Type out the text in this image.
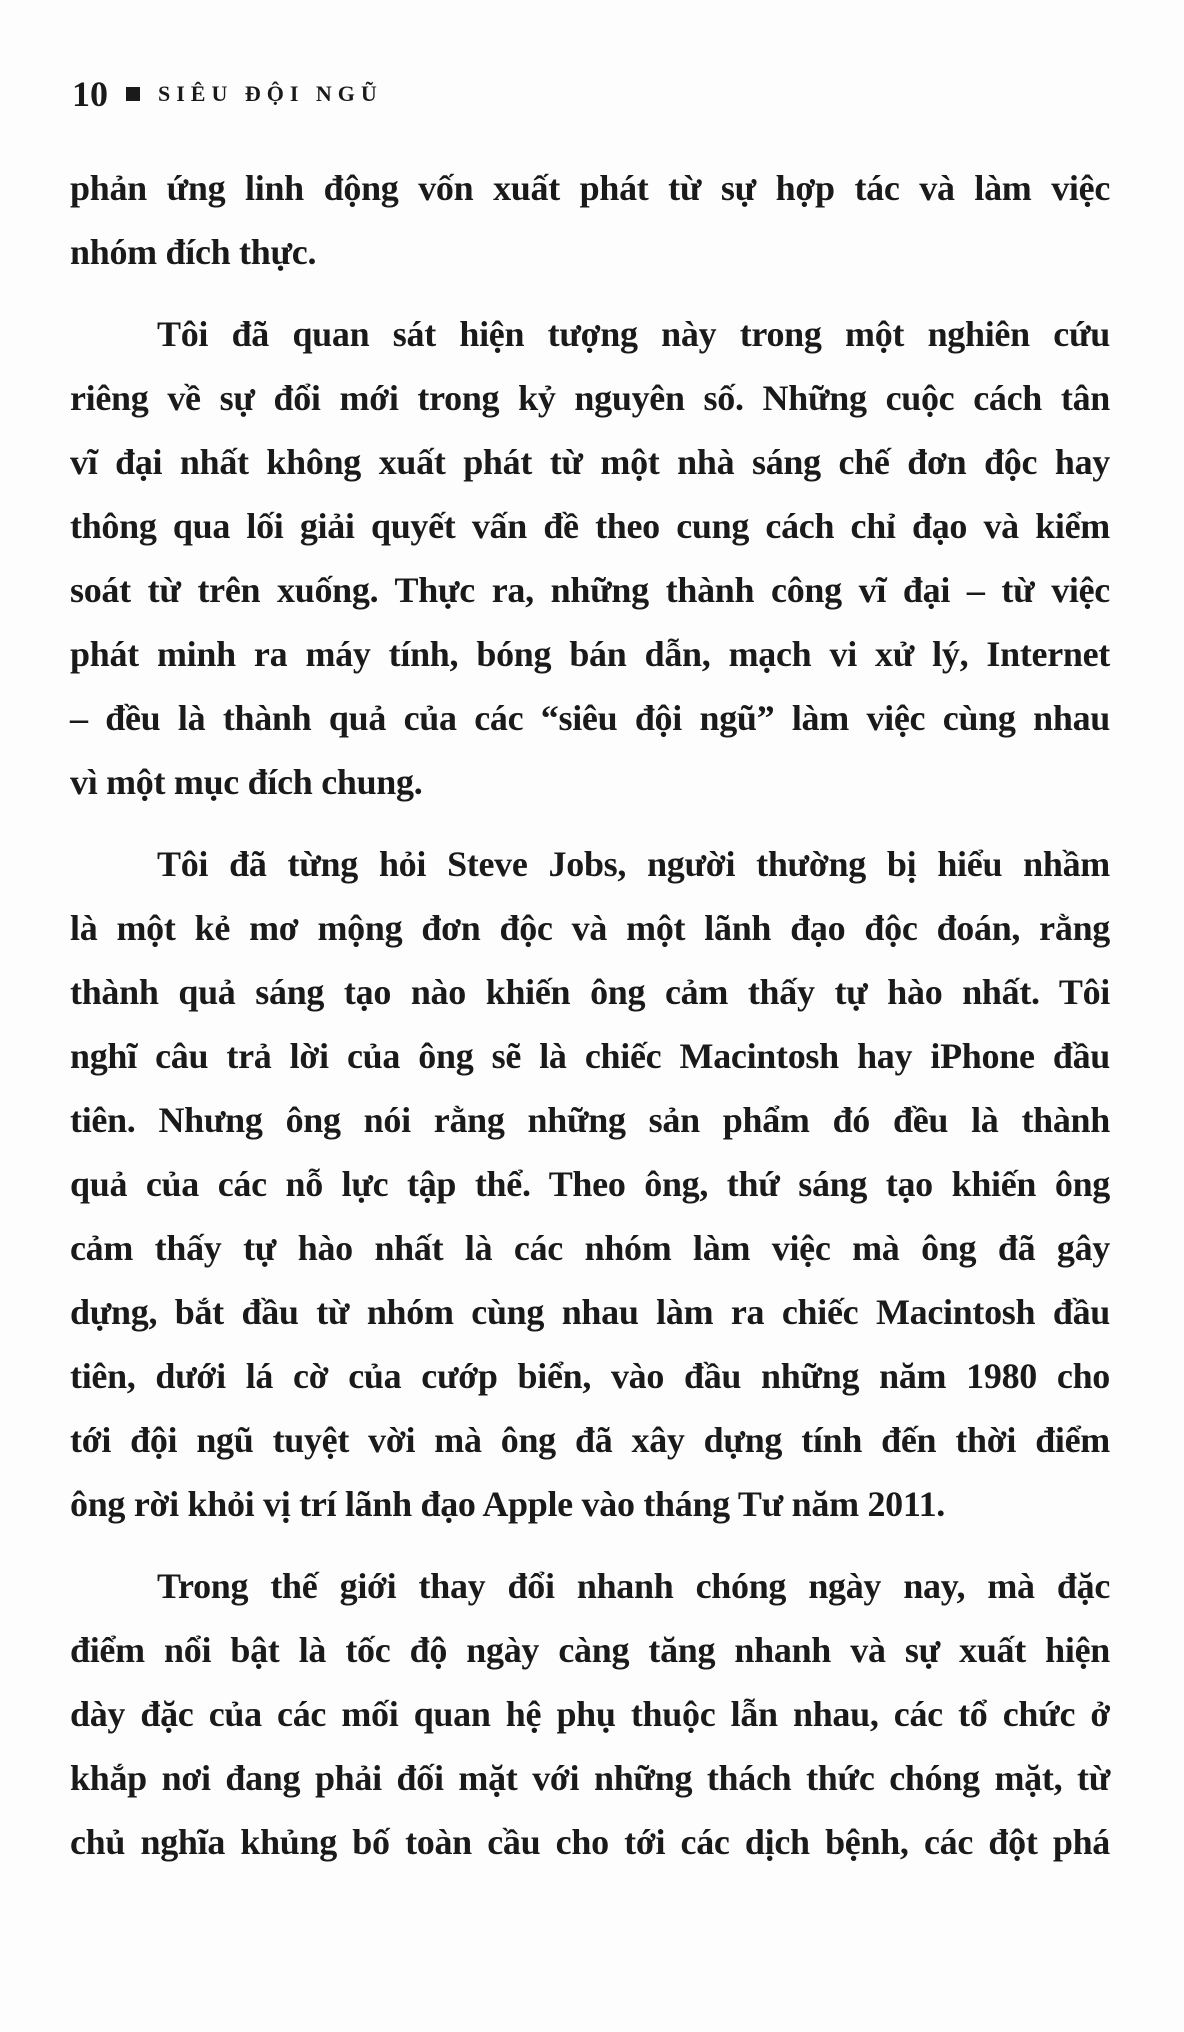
10 SIÊU ĐỘI NGŨ
phản ứng linh động vốn xuất phát từ sự hợp tác và làm việc
nhóm đích thực.
Tôi đã quan sát hiện tượng này trong một nghiên cứu
riêng về sự đổi mới trong kỷ nguyên số. Những cuộc cách tân
vĩ đại nhất không xuất phát từ một nhà sáng chế đơn độc hay
thông qua lối giải quyết vấn đề theo cung cách chỉ đạo và kiểm
soát từ trên xuống. Thực ra, những thành công vĩ đại – từ việc
phát minh ra máy tính, bóng bán dẫn, mạch vi xử lý, Internet
– đều là thành quả của các “siêu đội ngũ” làm việc cùng nhau
vì một mục đích chung.
Tôi đã từng hỏi Steve Jobs, người thường bị hiểu nhầm
là một kẻ mơ mộng đơn độc và một lãnh đạo độc đoán, rằng
thành quả sáng tạo nào khiến ông cảm thấy tự hào nhất. Tôi
nghĩ câu trả lời của ông sẽ là chiếc Macintosh hay iPhone đầu
tiên. Nhưng ông nói rằng những sản phẩm đó đều là thành
quả của các nỗ lực tập thể. Theo ông, thứ sáng tạo khiến ông
cảm thấy tự hào nhất là các nhóm làm việc mà ông đã gây
dựng, bắt đầu từ nhóm cùng nhau làm ra chiếc Macintosh đầu
tiên, dưới lá cờ của cướp biển, vào đầu những năm 1980 cho
tới đội ngũ tuyệt vời mà ông đã xây dựng tính đến thời điểm
ông rời khỏi vị trí lãnh đạo Apple vào tháng Tư năm 2011.
Trong thế giới thay đổi nhanh chóng ngày nay, mà đặc
điểm nổi bật là tốc độ ngày càng tăng nhanh và sự xuất hiện
dày đặc của các mối quan hệ phụ thuộc lẫn nhau, các tổ chức ở
khắp nơi đang phải đối mặt với những thách thức chóng mặt, từ
chủ nghĩa khủng bố toàn cầu cho tới các dịch bệnh, các đột phá
